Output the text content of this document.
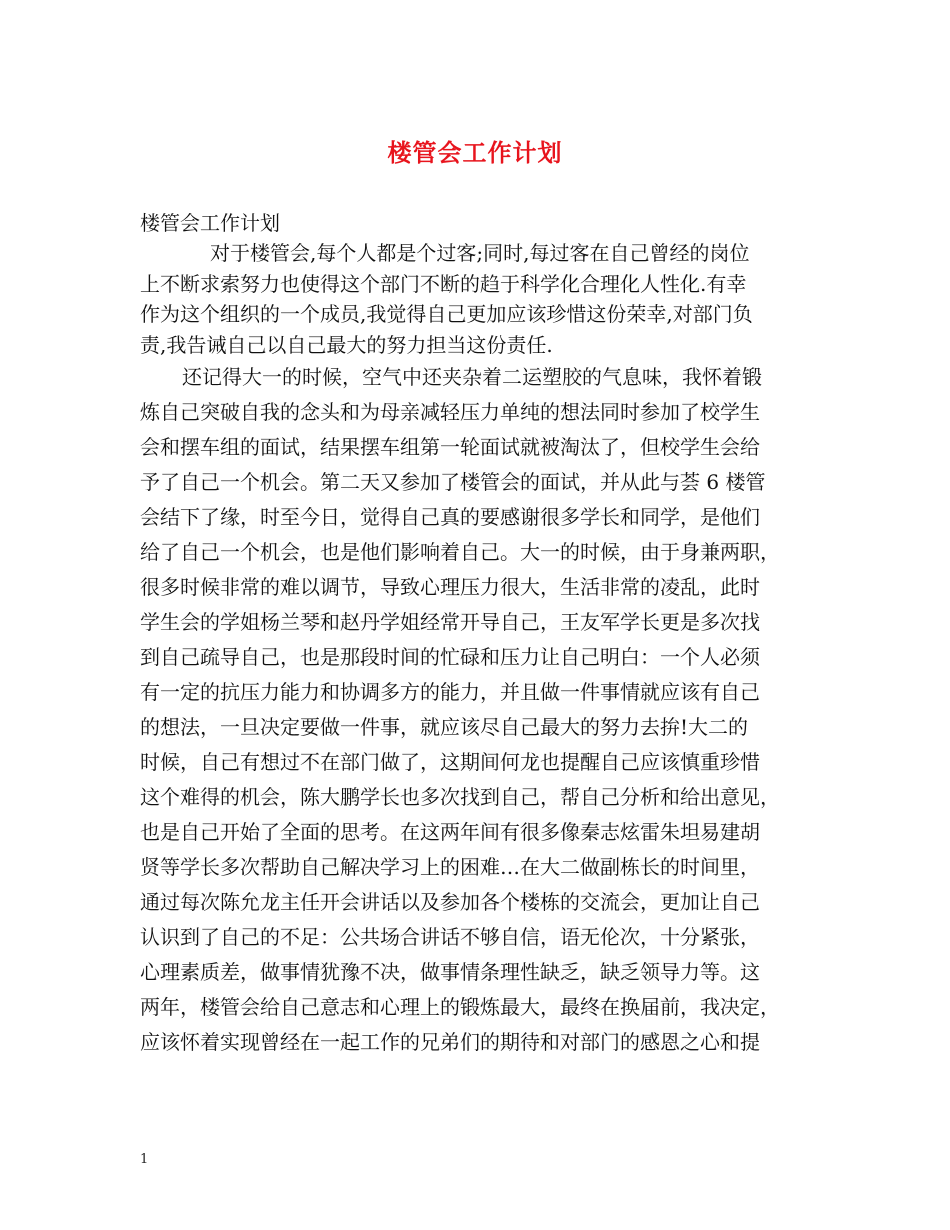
楼管会工作计划
楼管会工作计划

对于楼管会,每个人都是个过客;同时,每过客在自己曾经的岗位
上不断求索努力也使得这个部门不断的趋于科学化合理化人性化.有幸
作为这个组织的一个成员,我觉得自己更加应该珍惜这份荣幸,对部门负
责,我告诫自己以自己最大的努力担当这份责任.

还记得大一的时候，空气中还夹杂着二运塑胶的气息味，我怀着锻
炼自己突破自我的念头和为母亲减轻压力单纯的想法同时参加了校学生
会和摆车组的面试，结果摆车组第一轮面试就被淘汰了，但校学生会给
予了自己一个机会。第二天又参加了楼管会的面试，并从此与荟 6 楼管
会结下了缘，时至今日，觉得自己真的要感谢很多学长和同学，是他们
给了自己一个机会，也是他们影响着自己。大一的时候，由于身兼两职，
很多时候非常的难以调节，导致心理压力很大，生活非常的凌乱，此时
学生会的学姐杨兰琴和赵丹学姐经常开导自己，王友军学长更是多次找
到自己疏导自己，也是那段时间的忙碌和压力让自己明白：一个人必须
有一定的抗压力能力和协调多方的能力，并且做一件事情就应该有自己
的想法，一旦决定要做一件事，就应该尽自己最大的努力去拚!大二的
时候，自己有想过不在部门做了，这期间何龙也提醒自己应该慎重珍惜
这个难得的机会，陈大鹏学长也多次找到自己，帮自己分析和给出意见，
也是自己开始了全面的思考。在这两年间有很多像秦志炫雷朱坦易建胡
贤等学长多次帮助自己解决学习上的困难…在大二做副栋长的时间里，
通过每次陈允龙主任开会讲话以及参加各个楼栋的交流会，更加让自己
认识到了自己的不足：公共场合讲话不够自信，语无伦次，十分紧张，
心理素质差，做事情犹豫不决，做事情条理性缺乏，缺乏领导力等。这
两年，楼管会给自己意志和心理上的锻炼最大，最终在换届前，我决定，
应该怀着实现曾经在一起工作的兄弟们的期待和对部门的感恩之心和提

1
